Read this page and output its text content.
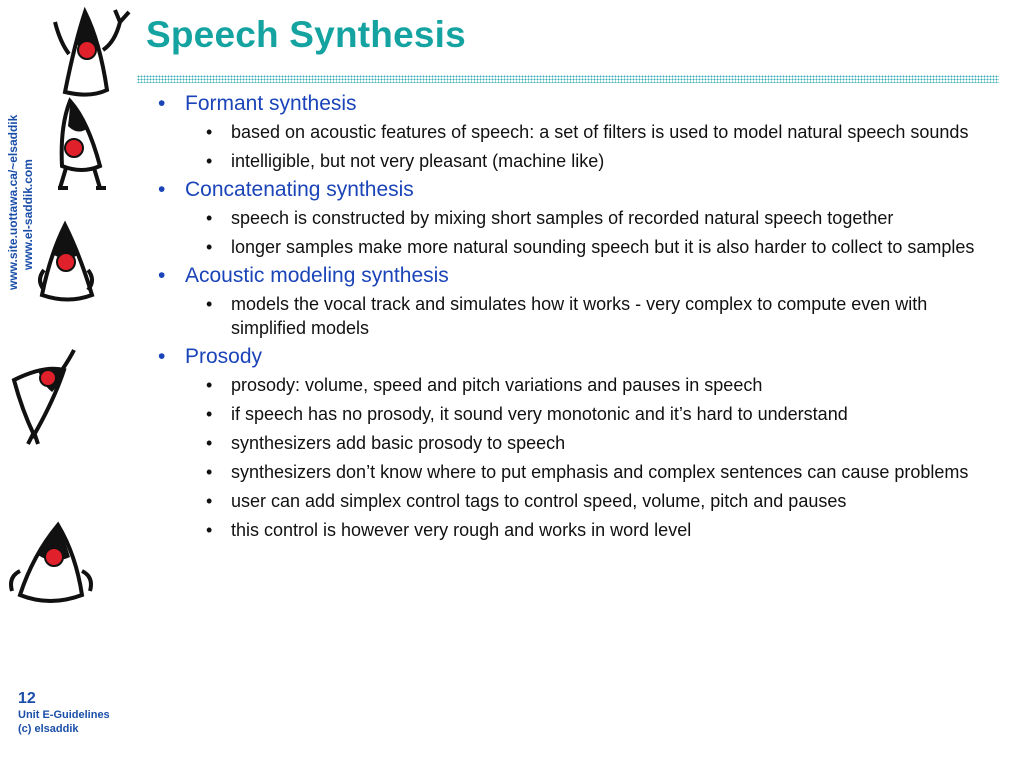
Speech Synthesis
www.site.uottawa.ca/~elsaddik www.el-saddik.com
• Formant synthesis
• based on acoustic features of speech: a set of filters is used to model natural speech sounds
• intelligible, but not very pleasant (machine like)
• Concatenating synthesis
• speech is constructed by mixing short samples of recorded natural speech together
• longer samples make more natural sounding speech but it is also harder to collect to samples
• Acoustic modeling synthesis
• models the vocal track and simulates how it works - very complex to compute even with simplified models
• Prosody
• prosody: volume, speed and pitch variations and pauses in speech
• if speech has no prosody, it sound very monotonic and it’s hard to understand
• synthesizers add basic prosody to speech
• synthesizers don’t know where to put emphasis and complex sentences can cause problems
• user can add simplex control tags to control speed, volume, pitch and pauses
• this control is however very rough and works in word level
12
Unit E-Guidelines
(c) elsaddik
